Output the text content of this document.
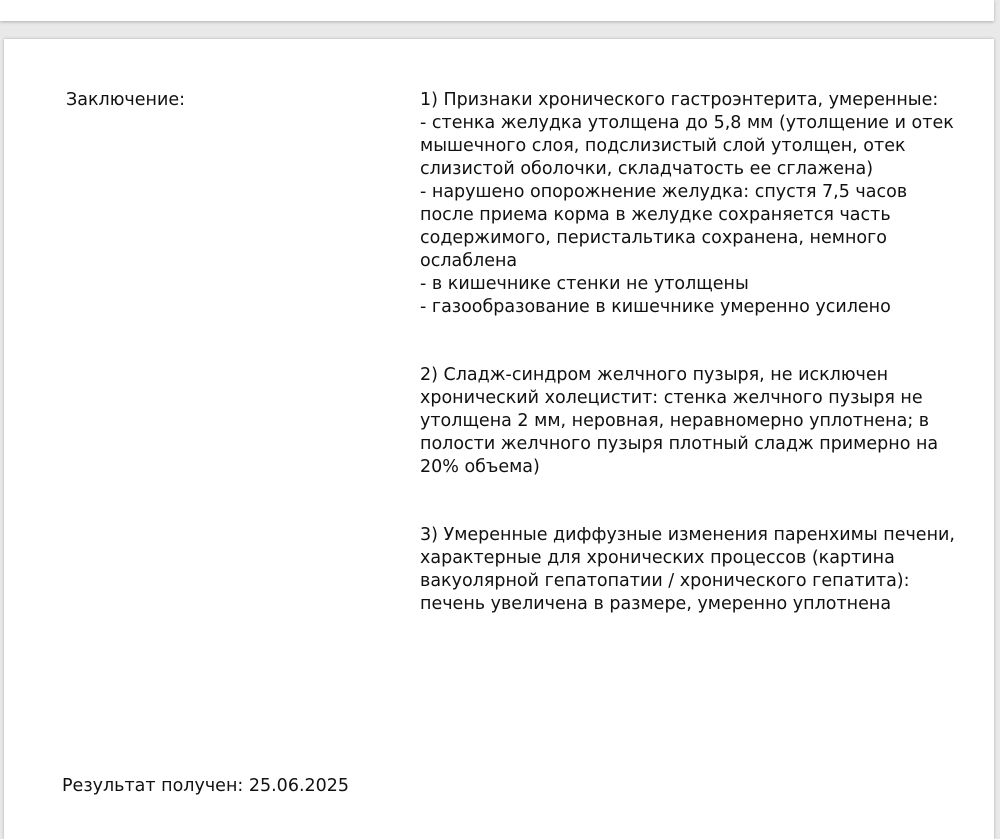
Заключение:	1) Признаки хронического гастроэнтерита, умеренные:
- стенка желудка утолщена до 5,8 мм (утолщение и отек мышечного слоя, подслизистый слой утолщен, отек слизистой оболочки, складчатость ее сглажена)
- нарушено опорожнение желудка: спустя 7,5 часов после приема корма в желудке сохраняется часть содержимого, перистальтика сохранена, немного ослаблена
- в кишечнике стенки не утолщены
- газообразование в кишечнике умеренно усилено
2) Сладж-синдром желчного пузыря, не исключен хронический холецистит: стенка желчного пузыря не утолщена 2 мм, неровная, неравномерно уплотнена; в полости желчного пузыря плотный сладж примерно на 20% объема)
3) Умеренные диффузные изменения паренхимы печени, характерные для хронических процессов (картина вакуолярной гепатопатии / хронического гепатита): печень увеличена в размере, умеренно уплотнена
Результат получен: 25.06.2025
